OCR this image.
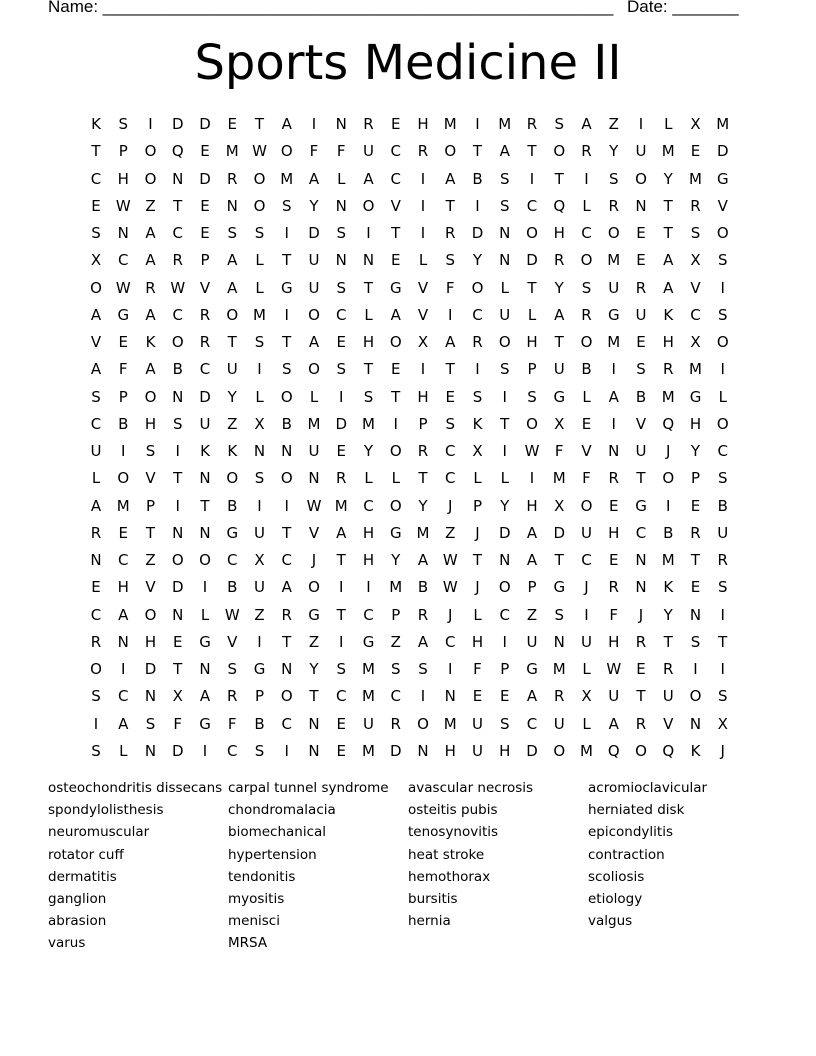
Name: ______________________________________________________ Date: _______
Sports Medicine II
K	S	I	D	D	E	T	A	I	N	R	E	H	M	I	M	R	S	A	Z	I	L	X	M
T	P	O	Q	E	M W O	F	F	U	C	R	O	T	A	T	O	R	Y	U	M	E	D
C	H	O	N	D	R	O M	A	L	A	C	I	A	B	S	I	T	I	S	O	Y	M G
E	W Z	T	E	N	O	S	Y	N	O	V	I	T	I	S	C	Q	L	R	N	T	R	V
S	N	A	C	E	S	S	I	D	S	I	T	I	R	D	N	O	H	C	O	E	T	S	O
X	C	A	R	P	A	L	T	U	N	N	E	L	S	Y	N	D	R	O M	E	A	X	S
O W R W V	A	L	G	U	S	T	G	V	F	O	L	T	Y	S	U	R	A	V	I
A	G	A	C	R	O M	I	O	C	L	A	V	I	C	U	L	A	R	G	U	K	C	S
V	E	K	O	R	T	S	T	A	E	H	O	X	A	R	O	H	T	O M	E	H	X	O
A	F	A	B	C	U	I	S	O	S	T	E	I	T	I	S	P	U	B	I	S	R	M	I
S	P	O	N	D	Y	L	O	L	I	S	T	H	E	S	I	S	G	L	A	B	M G	L
C	B	H	S	U	Z	X	B	M	D M	I	P	S	K	T	O	X	E	I	V	Q	H	O
U	I	S	I	K	K	N	N	U	E	Y	O	R	C	X	I	W	F	V	N	U	J	Y	C
L	O	V	T	N	O	S	O	N	R	L	L	T	C	L	L	I	M	F	R	T	O	P	S
A	M	P	I	T	B	I	I	W M	C	O	Y	J	P	Y	H	X	O	E	G	I	E	B
R	E	T	N	N	G	U	T	V	A	H	G M	Z	J	D	A	D	U	H	C	B	R	U
N	C	Z	O	O	C	X	C	J	T	H	Y	A W	T	N	A	T	C	E	N	M	T	R
E	H	V	D	I	B	U	A	O	I	I	M	B W	J	O	P	G	J	R	N	K	E	S
C	A	O	N	L	W Z	R	G	T	C	P	R	J	L	C	Z	S	I	F	J	Y	N	I
R	N	H	E	G	V	I	T	Z	I	G	Z	A	C	H	I	U	N	U	H	R	T	S	T
O	I	D	T	N	S	G	N	Y	S	M	S	S	I	F	P	G M	L	W	E	R	I	I
S	C	N	X	A	R	P	O	T	C	M	C	I	N	E	E	A	R	X	U	T	U	O	S
I	A	S	F	G	F	B	C	N	E	U	R	O M	U	S	C	U	L	A	R	V	N	X
S	L	N	D	I	C	S	I	N	E	M	D	N	H	U	H	D	O M Q	O	Q	K	J
osteochondritis dissecans
spondylolisthesis
neuromuscular
rotator cuff
dermatitis
ganglion
abrasion
varus
carpal tunnel syndrome
chondromalacia
biomechanical
hypertension
tendonitis
myositis
menisci
MRSA
avascular necrosis
osteitis pubis
tenosynovitis
heat stroke
hemothorax
bursitis
hernia
acromioclavicular
herniated disk
epicondylitis
contraction
scoliosis
etiology
valgus
